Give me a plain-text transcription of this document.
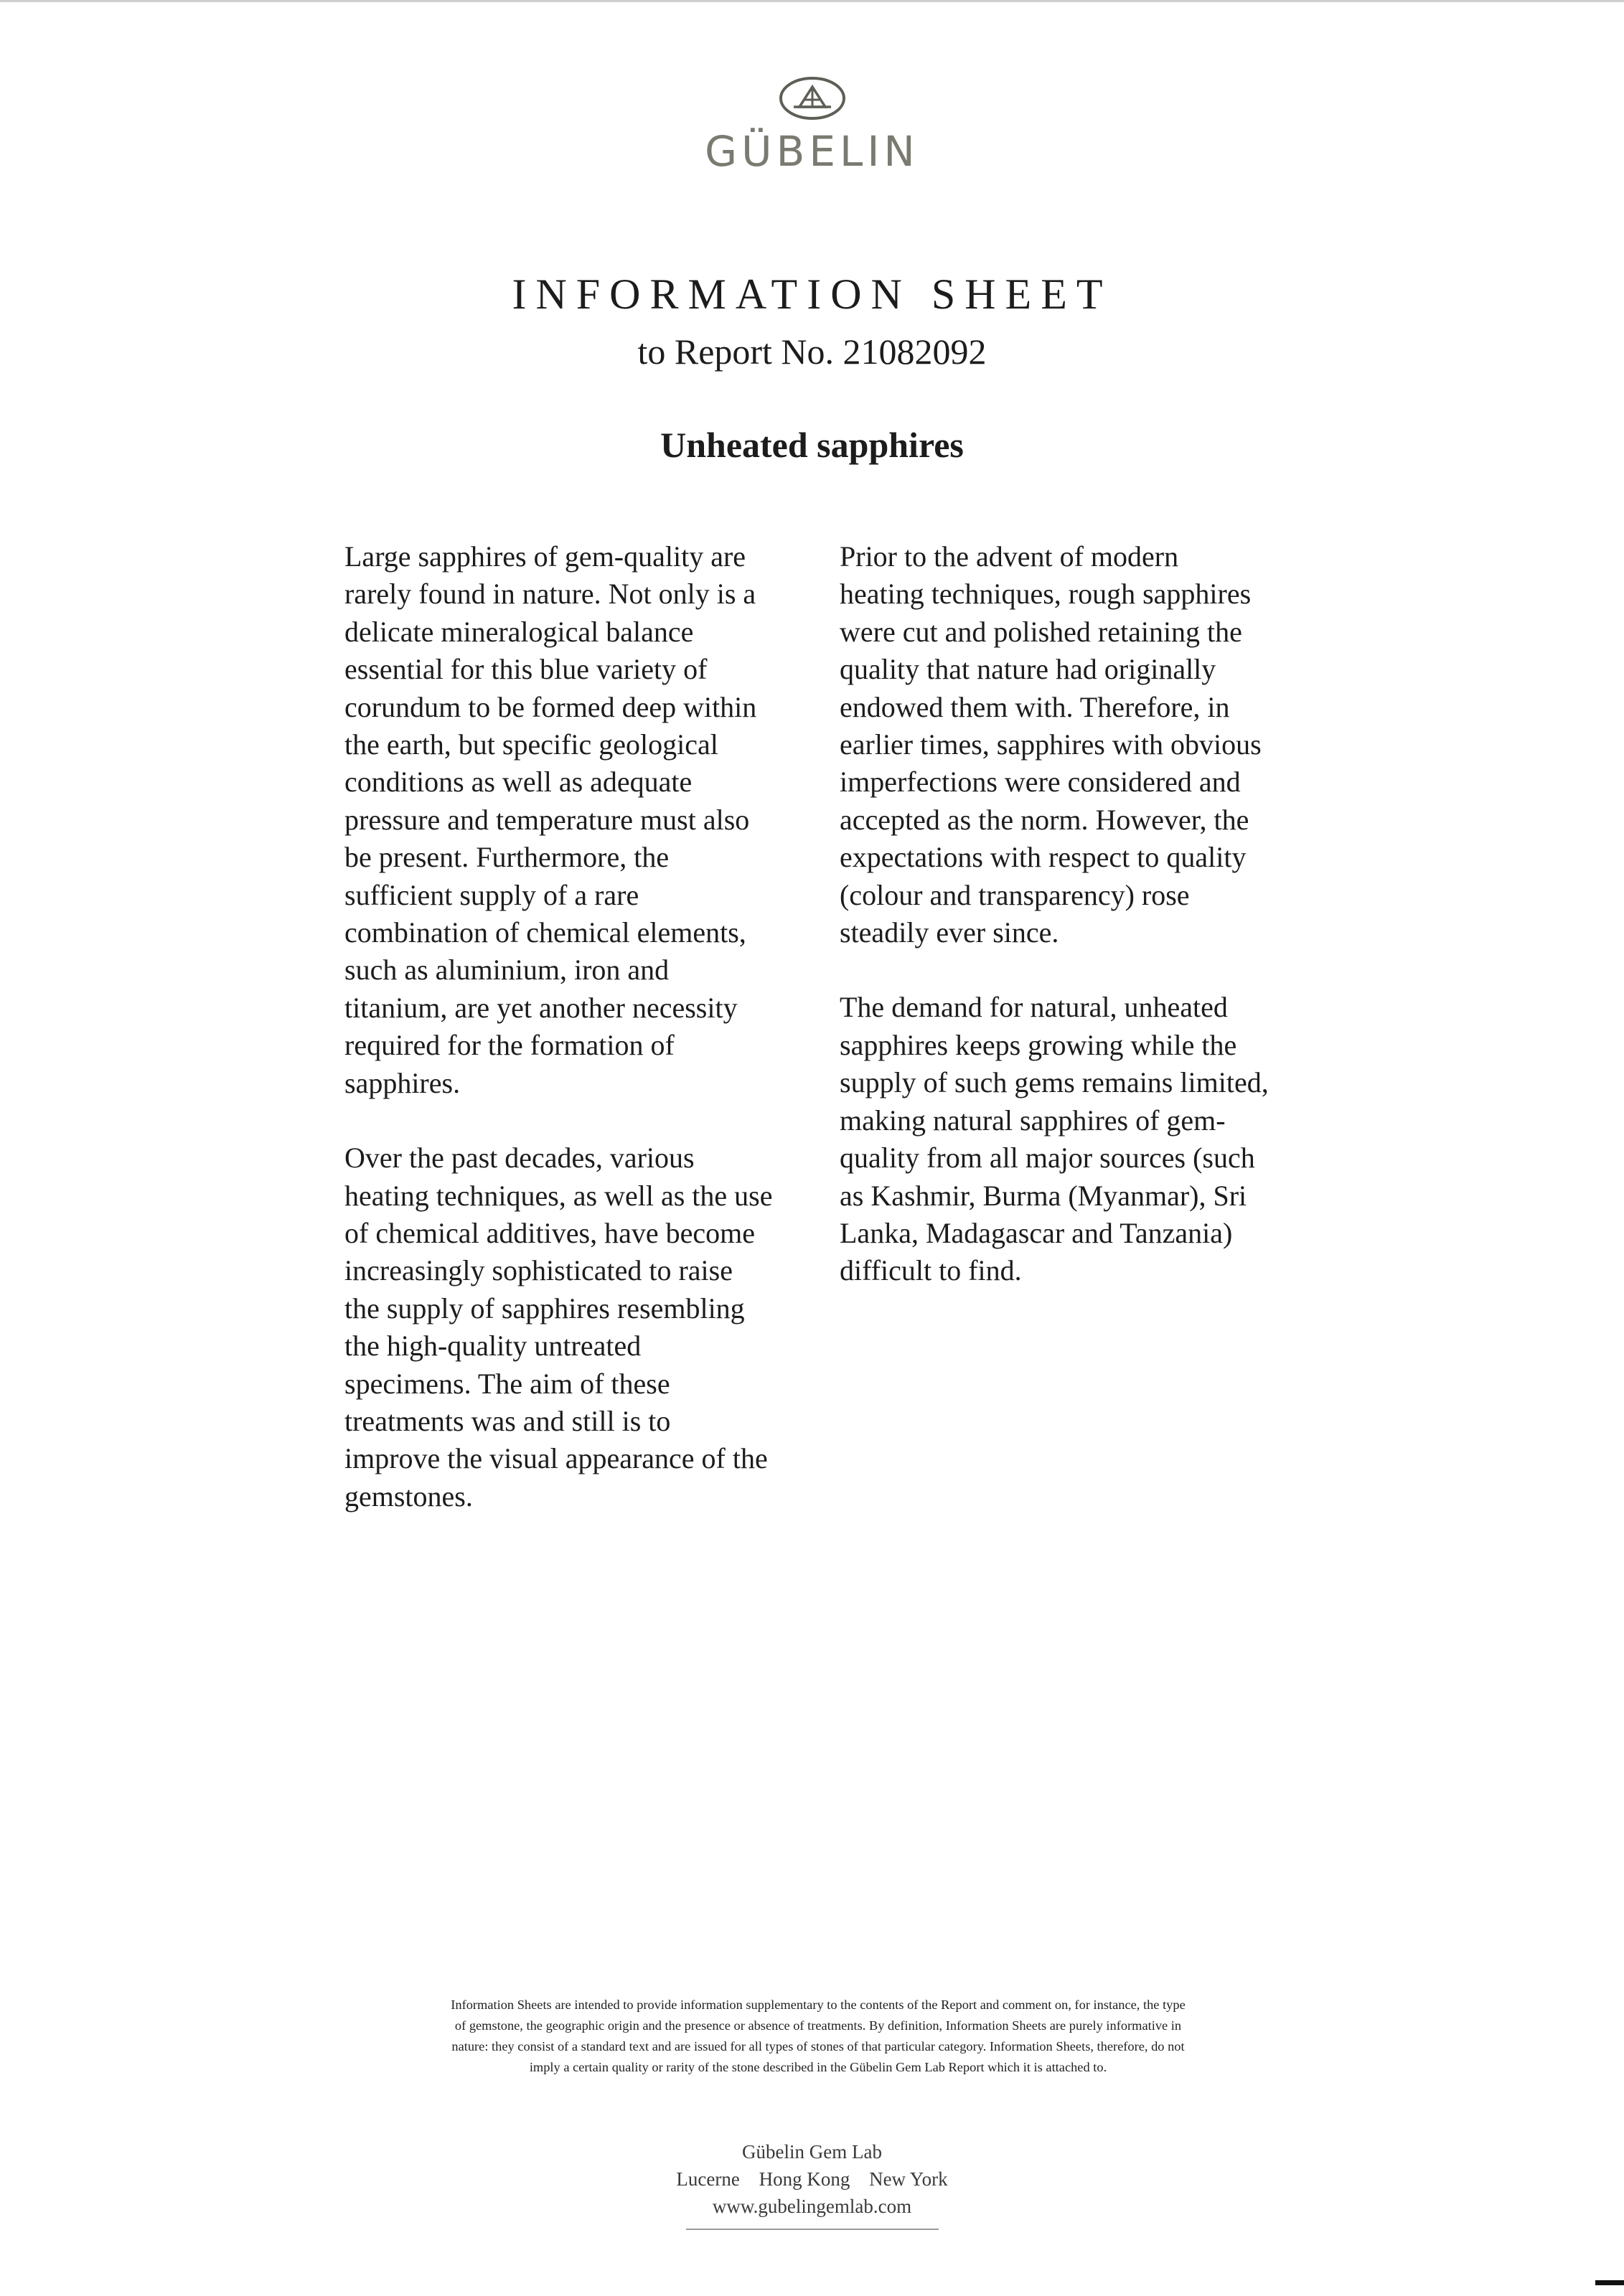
GÜBELIN
INFORMATION SHEET

to Report No. 21082092

Unheated sapphires

Large sapphires of gem-quality are
rarely found in nature. Not only is a
delicate mineralogical balance
essential for this blue variety of
corundum to be formed deep within
the earth, but specific geological
conditions as well as adequate
pressure and temperature must also
be present. Furthermore, the
sufficient supply of a rare
combination of chemical elements,
such as aluminium, iron and
titanium, are yet another necessity
required for the formation of
sapphires.

Over the past decades, various
heating techniques, as well as the use
of chemical additives, have become
increasingly sophisticated to raise
the supply of sapphires resembling
the high-quality untreated
specimens. The aim of these
treatments was and still is to
improve the visual appearance of the
gemstones.

Prior to the advent of modern
heating techniques, rough sapphires
were cut and polished retaining the
quality that nature had originally
endowed them with. Therefore, in
earlier times, sapphires with obvious
imperfections were considered and
accepted as the norm. However, the
expectations with respect to quality
(colour and transparency) rose
steadily ever since.

The demand for natural, unheated
sapphires keeps growing while the
supply of such gems remains limited,
making natural sapphires of gem-
quality from all major sources (such
as Kashmir, Burma (Myanmar), Sri
Lanka, Madagascar and Tanzania)
difficult to find.

Information Sheets are intended to provide information supplementary to the contents of the Report and comment on, for instance, the type
of gemstone, the geographic origin and the presence or absence of treatments. By definition, Information Sheets are purely informative in
nature: they consist of a standard text and are issued for all types of stones of that particular category. Information Sheets, therefore, do not
imply a certain quality or rarity of the stone described in the Gübelin Gem Lab Report which it is attached to.
Gübelin Gem Lab
Lucerne Hong Kong New York
www.gubelingemlab.com
